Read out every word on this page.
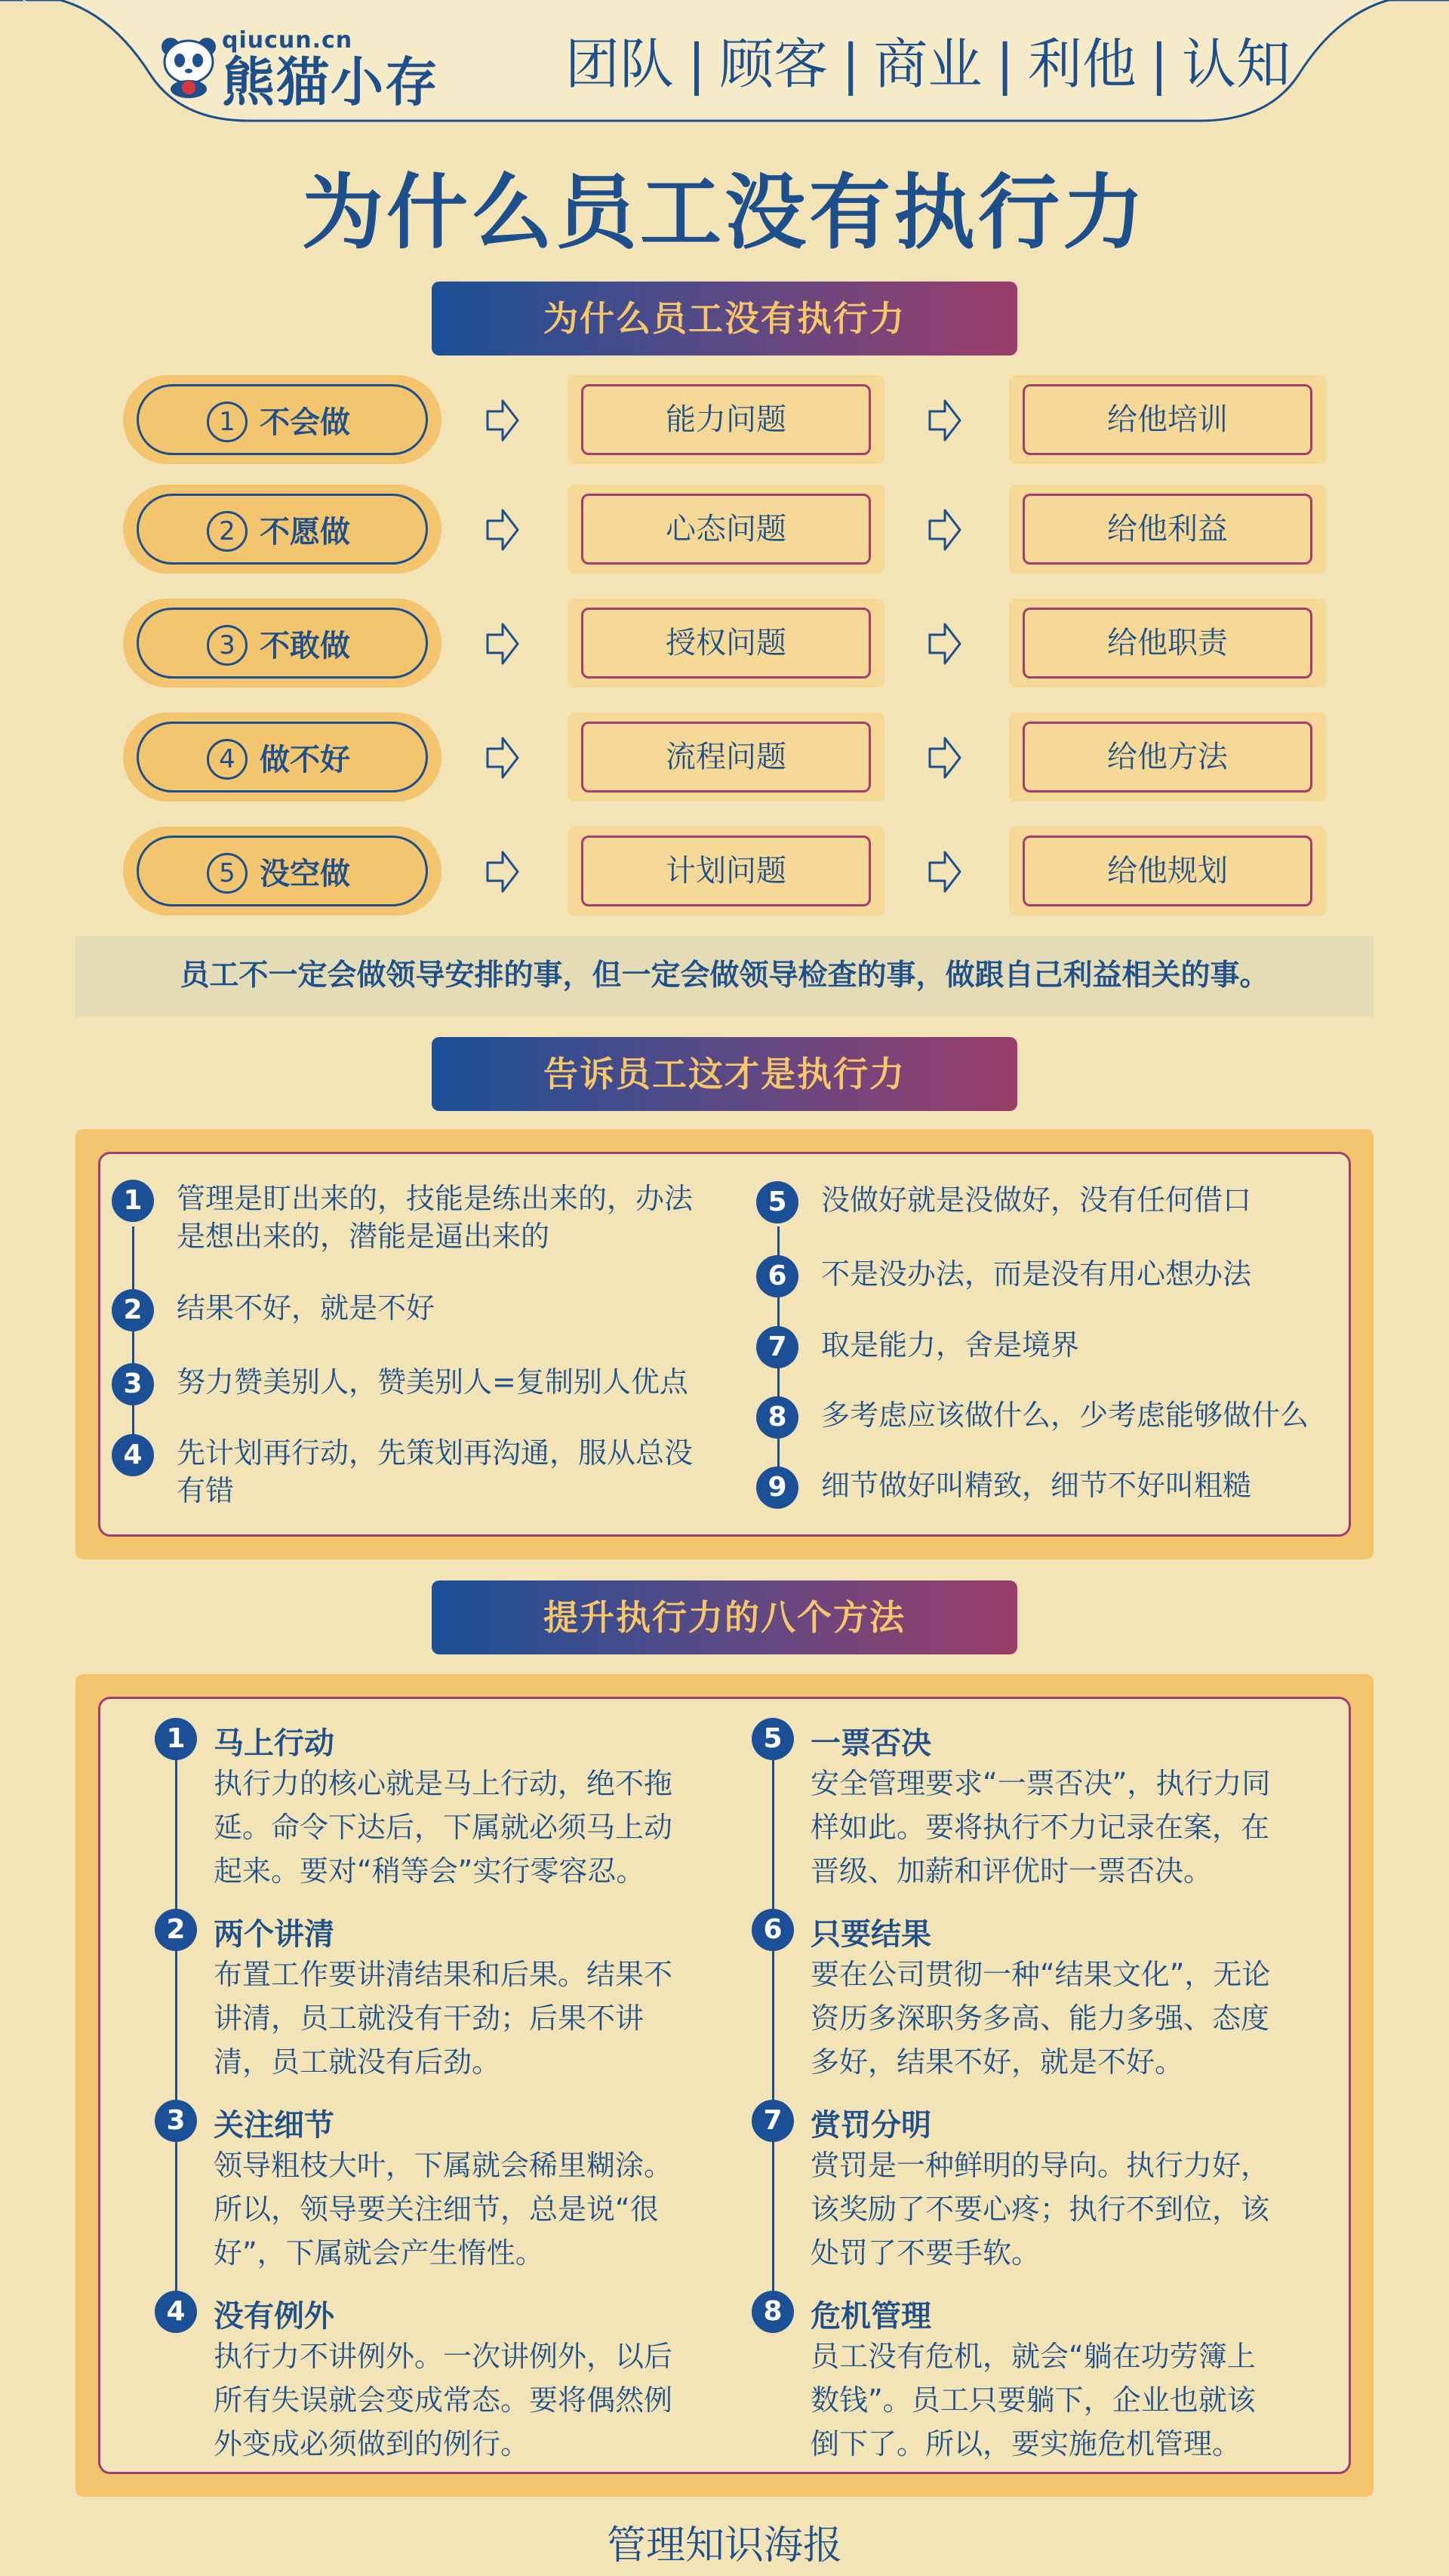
qiucun.cn
熊猫小存 团队 | 顾客 | 商业 | 利他 | 认知
为什么员工没有执行力
为什么员工没有执行力
1 不会做	能力问题	给他培训
2 不愿做	心态问题	给他利益
3 不敢做	授权问题	给他职责
4 做不好	流程问题	给他方法
5 没空做	计划问题	给他规划
员工不一定会做领导安排的事，但一定会做领导检查的事，做跟自己利益相关的事。
告诉员工这才是执行力
1	管理是盯出来的，技能是练出来的，办法是想出来的，潜能是逼出来的
2	结果不好，就是不好
3	努力赞美别人，赞美别人=复制别人优点
4	先计划再行动，先策划再沟通，服从总没有错
5	没做好就是没做好，没有任何借口
6	不是没办法，而是没有用心想办法
7	取是能力，舍是境界
8	多考虑应该做什么，少考虑能够做什么
9	细节做好叫精致，细节不好叫粗糙
提升执行力的八个方法
1 马上行动
执行力的核心就是马上行动，绝不拖延。命令下达后，下属就必须马上动起来。要对“稍等会”实行零容忍。
2 两个讲清
布置工作要讲清结果和后果。结果不讲清，员工就没有干劲；后果不讲清，员工就没有后劲。
3 关注细节
领导粗枝大叶，下属就会稀里糊涂。所以，领导要关注细节，总是说“很好”，下属就会产生惰性。
4 没有例外
执行力不讲例外。一次讲例外，以后所有失误就会变成常态。要将偶然例外变成必须做到的例行。
5 一票否决
安全管理要求“一票否决”，执行力同样如此。要将执行不力记录在案，在晋级、加薪和评优时一票否决。
6 只要结果
要在公司贯彻一种“结果文化”，无论资历多深职务多高、能力多强、态度多好，结果不好，就是不好。
7 赏罚分明
赏罚是一种鲜明的导向。执行力好，该奖励了不要心疼；执行不到位，该处罚了不要手软。
8 危机管理
员工没有危机，就会“躺在功劳簿上数钱”。员工只要躺下，企业也就该倒下了。所以，要实施危机管理。
管理知识海报
